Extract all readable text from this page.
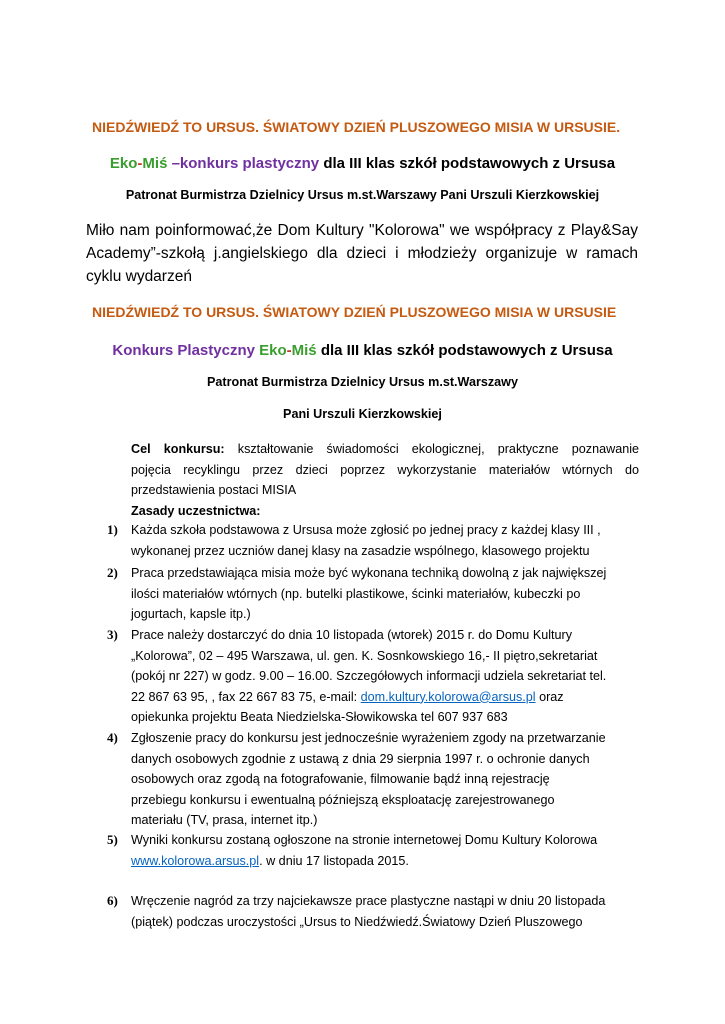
NIEDŹWIEDŹ TO URSUS. ŚWIATOWY DZIEŃ PLUSZOWEGO MISIA W URSUSIE.
Eko-Miś –konkurs plastyczny dla III klas szkół podstawowych z Ursusa
Patronat Burmistrza Dzielnicy Ursus m.st.Warszawy Pani Urszuli Kierzkowskiej
Miło nam poinformować,że Dom Kultury "Kolorowa" we współpracy z Play&Say
Academy”-szkołą j.angielskiego dla dzieci i młodzieży organizuje w ramach
cyklu wydarzeń
NIEDŹWIEDŹ TO URSUS. ŚWIATOWY DZIEŃ PLUSZOWEGO MISIA W URSUSIE
Konkurs Plastyczny Eko-Miś dla III klas szkół podstawowych z Ursusa
Patronat Burmistrza Dzielnicy Ursus m.st.Warszawy
Pani Urszuli Kierzkowskiej
Cel konkursu: kształtowanie świadomości ekologicznej, praktyczne poznawanie
pojęcia recyklingu przez dzieci poprzez wykorzystanie materiałów wtórnych do
przedstawienia postaci MISIA
Zasady uczestnictwa:
1) Każda szkoła podstawowa z Ursusa może zgłosić po jednej pracy z każdej klasy III ,
wykonanej przez uczniów danej klasy na zasadzie wspólnego, klasowego projektu
2) Praca przedstawiająca misia może być wykonana techniką dowolną z jak największej
ilości materiałów wtórnych (np. butelki plastikowe, ścinki materiałów, kubeczki po
jogurtach, kapsle itp.)
3) Prace należy dostarczyć do dnia 10 listopada (wtorek) 2015 r. do Domu Kultury
„Kolorowa”, 02 – 495 Warszawa, ul. gen. K. Sosnkowskiego 16,- II piętro,sekretariat
(pokój nr 227) w godz. 9.00 – 16.00. Szczegółowych informacji udziela sekretariat tel.
22 867 63 95, , fax 22 667 83 75, e-mail: dom.kultury.kolorowa@arsus.pl oraz
opiekunka projektu Beata Niedzielska-Słowikowska tel 607 937 683
4) Zgłoszenie pracy do konkursu jest jednocześnie wyrażeniem zgody na przetwarzanie
danych osobowych zgodnie z ustawą z dnia 29 sierpnia 1997 r. o ochronie danych
osobowych oraz zgodą na fotografowanie, filmowanie bądź inną rejestrację
przebiegu konkursu i ewentualną późniejszą eksploatację zarejestrowanego
materiału (TV, prasa, internet itp.)
5) Wyniki konkursu zostaną ogłoszone na stronie internetowej Domu Kultury Kolorowa
www.kolorowa.arsus.pl. w dniu 17 listopada 2015.
6) Wręczenie nagród za trzy najciekawsze prace plastyczne nastąpi w dniu 20 listopada
(piątek) podczas uroczystości „Ursus to Niedźwiedź.Światowy Dzień Pluszowego
